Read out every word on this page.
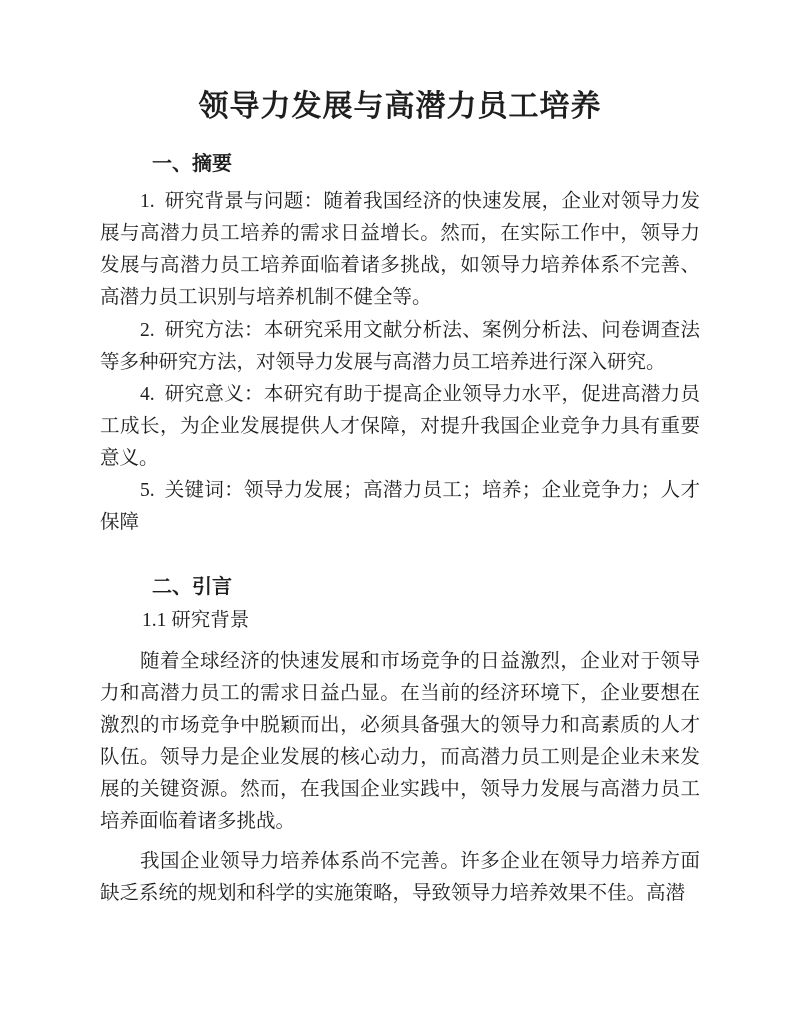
领导力发展与高潜力员工培养
一、摘要

1. 研究背景与问题：随着我国经济的快速发展，企业对领导力发展与高潜力员工培养的需求日益增长。然而，在实际工作中，领导力发展与高潜力员工培养面临着诸多挑战，如领导力培养体系不完善、高潜力员工识别与培养机制不健全等。

2. 研究方法：本研究采用文献分析法、案例分析法、问卷调查法等多种研究方法，对领导力发展与高潜力员工培养进行深入研究。

4. 研究意义：本研究有助于提高企业领导力水平，促进高潜力员工成长，为企业发展提供人才保障，对提升我国企业竞争力具有重要意义。

5. 关键词：领导力发展；高潜力员工；培养；企业竞争力；人才保障

二、引言
1.1 研究背景

随着全球经济的快速发展和市场竞争的日益激烈，企业对于领导力和高潜力员工的需求日益凸显。在当前的经济环境下，企业要想在激烈的市场竞争中脱颖而出，必须具备强大的领导力和高素质的人才队伍。领导力是企业发展的核心动力，而高潜力员工则是企业未来发展的关键资源。然而，在我国企业实践中，领导力发展与高潜力员工培养面临着诸多挑战。

我国企业领导力培养体系尚不完善。许多企业在领导力培养方面缺乏系统的规划和科学的实施策略，导致领导力培养效果不佳。高潜
